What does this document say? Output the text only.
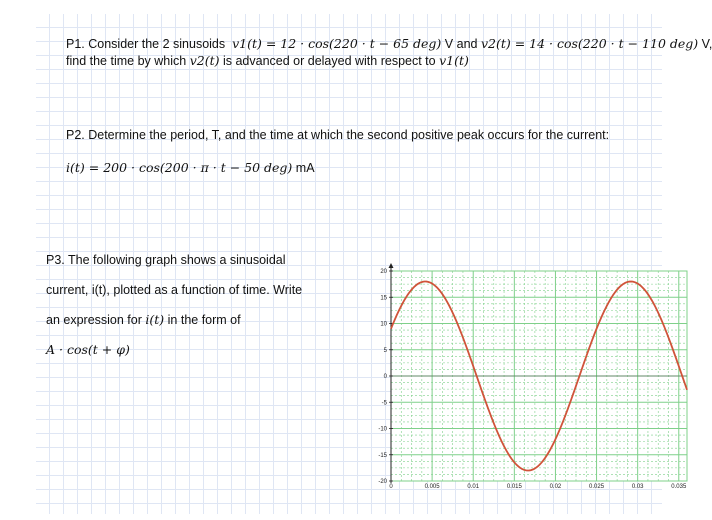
P1. Consider the 2 sinusoids v1(t) = 12 · cos(220 · t − 65 deg) V and v2(t) = 14 · cos(220 · t − 110 deg) V,
find the time by which v2(t) is advanced or delayed with respect to v1(t)
P2. Determine the period, T, and the time at which the second positive peak occurs for the current:
i(t) = 200 · cos(200 · π · t − 50 deg) mA
P3. The following graph shows a sinusoidal
current, i(t), plotted as a function of time. Write
an expression for i(t) in the form of
A · cos(t + φ)
20
15
10
5
0
-5
-10
-15
-20
0	0.005	0.01	0.015	0.02	0.025	0.03	0.035
